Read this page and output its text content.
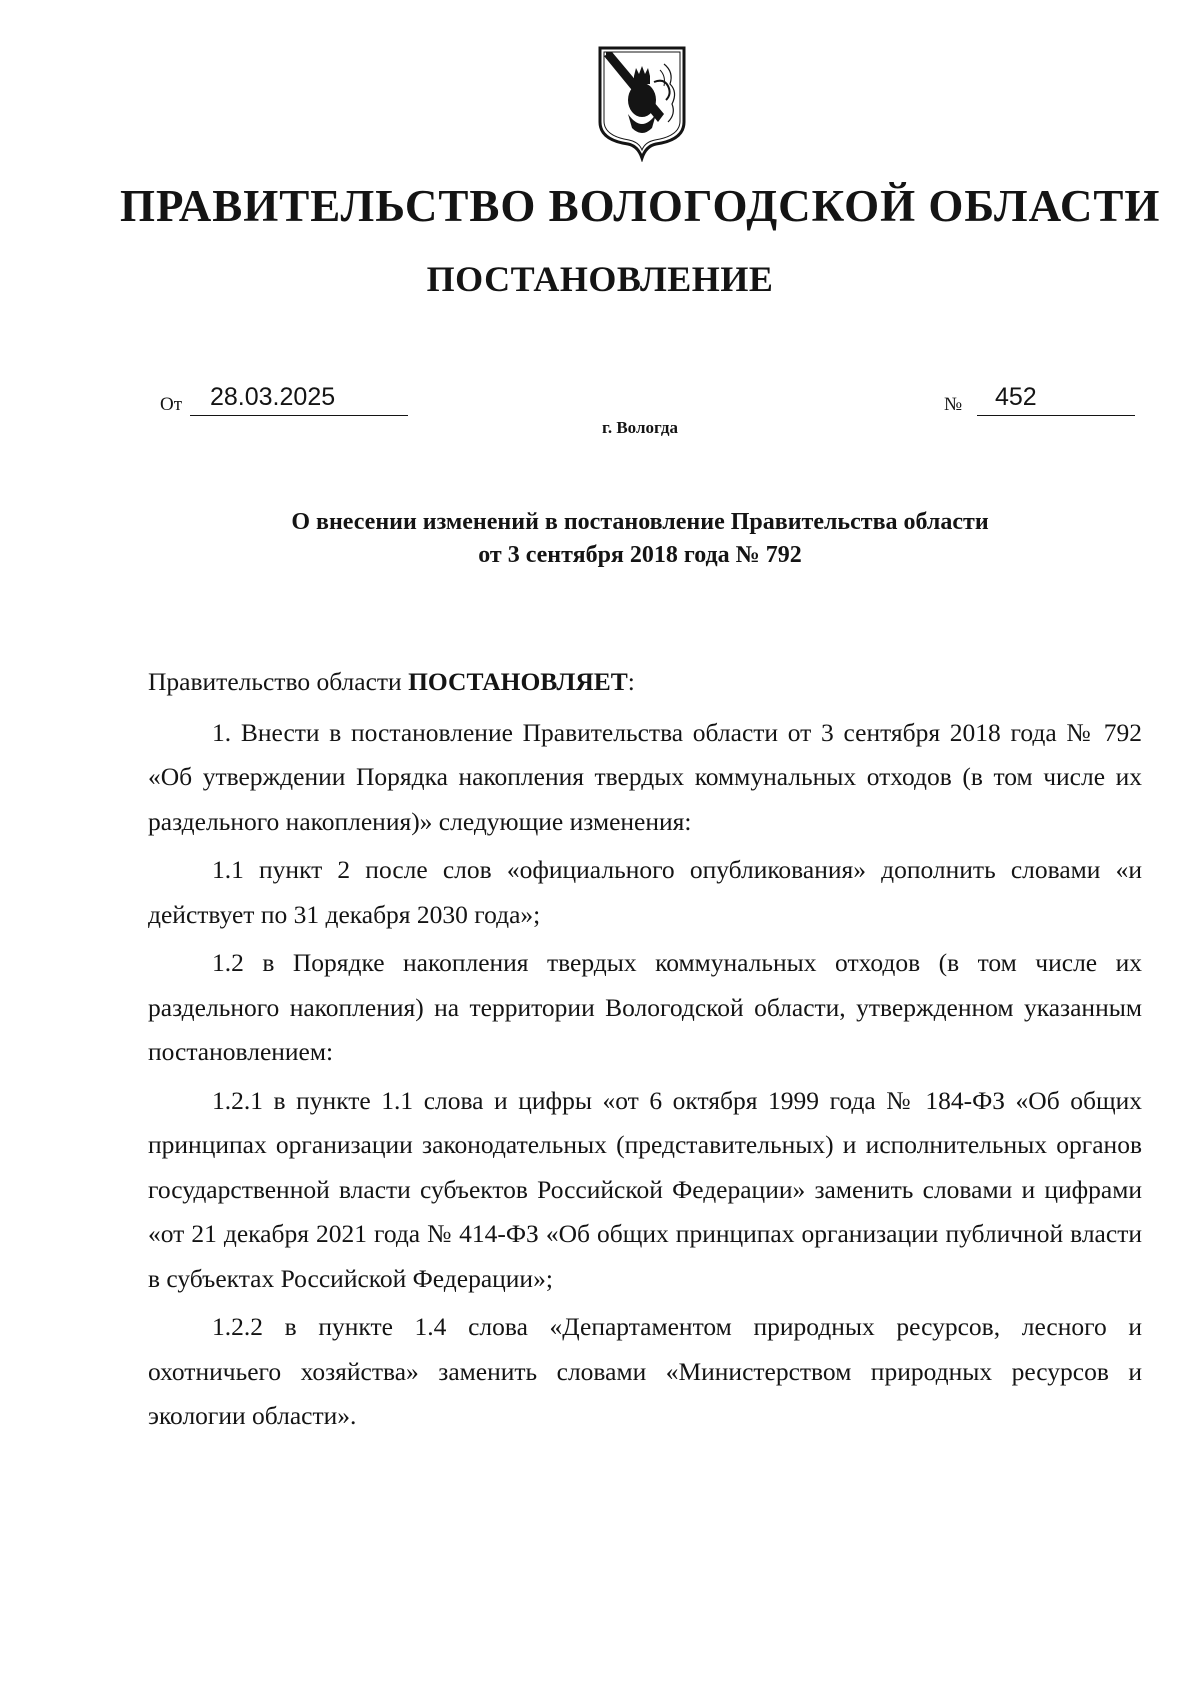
ПРАВИТЕЛЬСТВО ВОЛОГОДСКОЙ ОБЛАСТИ
ПОСТАНОВЛЕНИЕ
От	28.03.2025	№	452
г. Вологда
О внесении изменений в постановление Правительства области
от 3 сентября 2018 года № 792

Правительство области ПОСТАНОВЛЯЕТ:

1. Внести в постановление Правительства области от 3 сентября 2018 года № 792 «Об утверждении Порядка накопления твердых коммунальных отходов (в том числе их раздельного накопления)» следующие изменения:

1.1 пункт 2 после слов «официального опубликования» дополнить словами «и действует по 31 декабря 2030 года»;

1.2 в Порядке накопления твердых коммунальных отходов (в том числе их раздельного накопления) на территории Вологодской области, утвержденном указанным постановлением:

1.2.1 в пункте 1.1 слова и цифры «от 6 октября 1999 года № 184-ФЗ «Об общих принципах организации законодательных (представительных) и исполнительных органов государственной власти субъектов Российской Федерации» заменить словами и цифрами «от 21 декабря 2021 года № 414-ФЗ «Об общих принципах организации публичной власти в субъектах Российской Федерации»;

1.2.2 в пункте 1.4 слова «Департаментом природных ресурсов, лесного и охотничьего хозяйства» заменить словами «Министерством природных ресурсов и экологии области».
